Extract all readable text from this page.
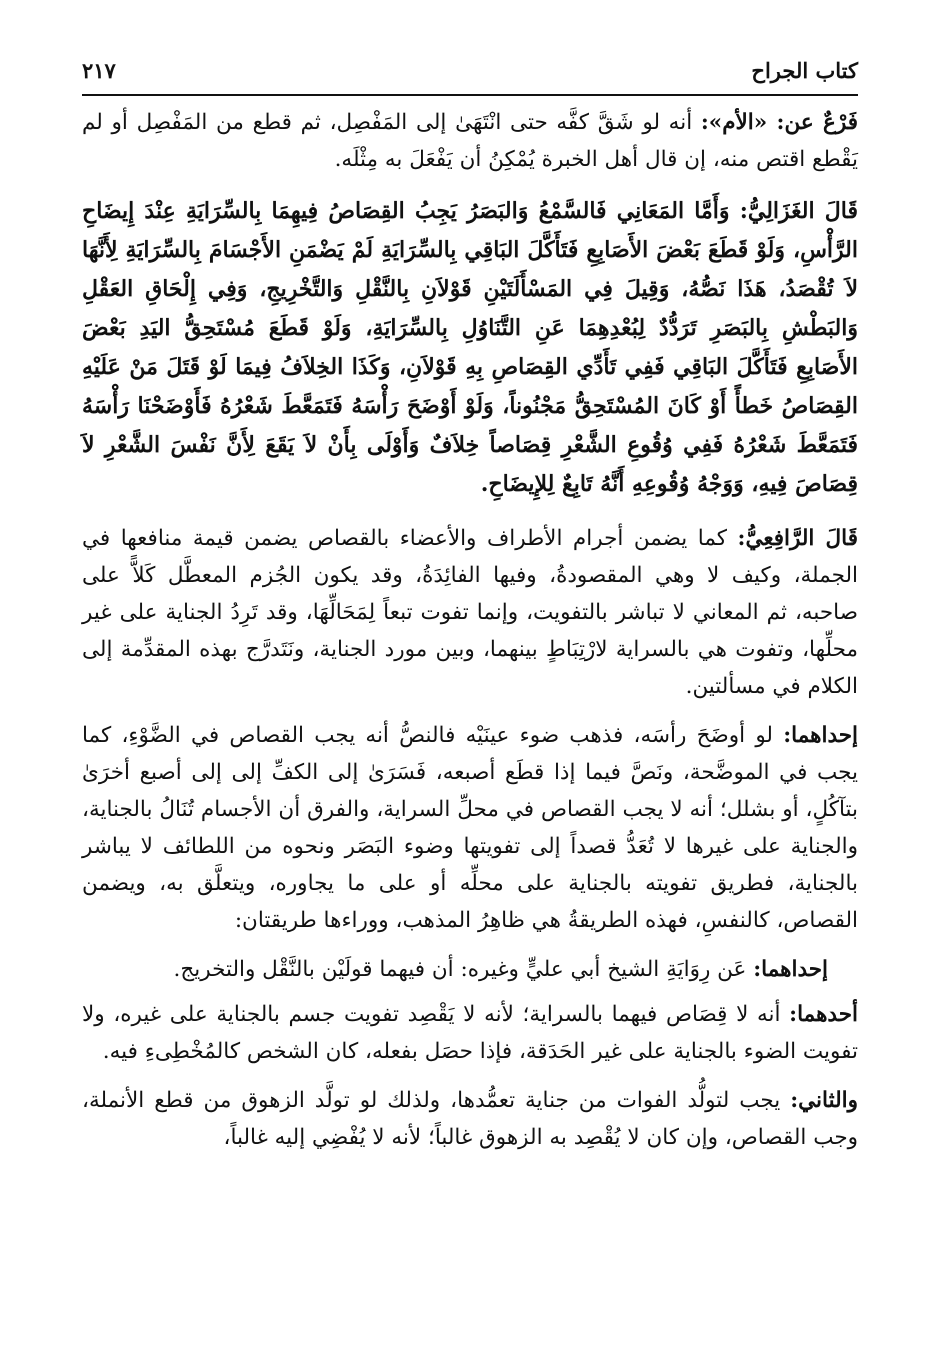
كتاب الجراح
٢١٧

فَرْعٌ عن: «الأم»: أنه لو شَقَّ كفَّه حتى انْتَهَىٰ إلى المَفْصِل، ثم قطع من المَفْصِل أو لم يَقْطع اقتص منه، إن قال أهل الخبرة يُمْكِنُ أن يَفْعَلَ به مِثْلَه.

قَالَ الغَزَالِيُّ: وَأَمَّا المَعَانِي فَالسَّمْعُ وَالبَصَرُ يَجِبُ القِصَاصُ فِيهِمَا بِالسِّرَايَةِ عِنْدَ إِيضَاحِ الرَّأْسِ، وَلَوْ قَطَعَ بَعْضَ الأَصَابِعِ فَتَأَكَّلَ البَاقِي بِالسِّرَايَةِ لَمْ يَضْمَنِ الأَجْسَامَ بِالسِّرَايَةِ لِأَنَّهَا لاَ تُقْصَدُ، هَذَا نَصُّهُ، وَقِيلَ فِي المَسْأَلَتَيْنِ قَوْلاَنِ بِالنَّقْلِ وَالتَّخْرِيجِ، وَفِي إِلْحَاقِ العَقْلِ وَالبَطْشِ بِالبَصَرِ تَرَدُّدٌ لِبُعْدِهِمَا عَنِ التَّنَاوُلِ بِالسِّرَايَةِ، وَلَوْ قَطَعَ مُسْتَحِقُّ اليَدِ بَعْضَ الأَصَابِعِ فَتَأَكَّلَ البَاقِي فَفِي تَأَدِّي القِصَاصِ بِهِ قَوْلاَنِ، وَكَذَا الخِلاَفُ فِيمَا لَوْ قَتَلَ مَنْ عَلَيْهِ القِصَاصُ خَطأً أَوْ كَانَ المُسْتَحِقُّ مَجْنُوناً، وَلَوْ أَوْضَحَ رَأْسَهُ فَتَمَعَّطَ شَعْرُهُ فَأَوْضَحْنَا رَأْسَهُ فَتَمَعَّطَ شَعْرُهُ فَفِي وُقُوعِ الشَّعْرِ قِصَاصاً خِلاَفٌ وَأَوْلَى بِأَنْ لاَ يَقَعَ لِأَنَّ نَفْسَ الشَّعْرِ لاَ قِصَاصَ فِيهِ، وَوَجْهُ وُقُوعِهِ أَنَّهُ تَابِعٌ لِلإِيضَاحِ.

قَالَ الرَّافِعِيُّ: كما يضمن أجرام الأطراف والأعضاء بالقصاص يضمن قيمة منافعها في الجملة، وكيف لا وهي المقصودةُ، وفيها الفائِدَةُ، وقد يكون الجُزم المعطَّل كَلاًّ على صاحبه، ثم المعاني لا تباشر بالتفويت، وإنما تفوت تبعاً لِمَحَالِّهَا، وقد تَرِدُ الجناية على غير محلِّها، وتفوت هي بالسراية لارْتِبَاطٍ بينهما، وبين مورد الجناية، ونَتَدرَّج بهذه المقدِّمة إلى الكلام في مسألتين.

إحداهما: لو أوضَحَ رأسَه، فذهب ضوء عينَيْه فالنصُّ أنه يجب القصاص في الضَّوْءِ، كما يجب في الموضَّحة، ونَصَّ فيما إذا قطَع أصبعه، فَسَرَىٰ إلى الكفِّ إلى إلى أصبع أخرَىٰ بتآكُلٍ، أو بشلل؛ أنه لا يجب القصاص في محلِّ السراية، والفرق أن الأجسام تُنَالُ بالجناية، والجناية على غيرها لا تُعَدُّ قصداً إلى تفويتها وضوء البَصَر ونحوه من اللطائف لا يباشر بالجناية، فطريق تفويته بالجناية على محلِّه أو على ما يجاوره، ويتعلَّق به، ويضمن القصاص، كالنفسِ، فهذه الطريقةُ هي ظاهِرُ المذهب، ووراءها طريقتان:

إحداهما: عَن رِوَايَةِ الشيخ أبي عليٍّ وغيره: أن فيهما قولَيْن بالنَّقْل والتخريج.

أحدهما: أنه لا قِصَاص فيهما بالسراية؛ لأنه لا يَقْصِد تفويت جسم بالجناية على غيره، ولا تفويت الضوء بالجناية على غير الحَدَقة، فإذا حصَل بفعله، كان الشخص كالمُخْطِىءِ فيه.

والثاني: يجب لتولُّد الفوات من جناية تعمُّدها، ولذلك لو تولَّد الزهوق من قطع الأنملة، وجب القصاص، وإن كان لا يُقْصِد به الزهوق غالباً؛ لأنه لا يُفْضِي إليه غالباً،
